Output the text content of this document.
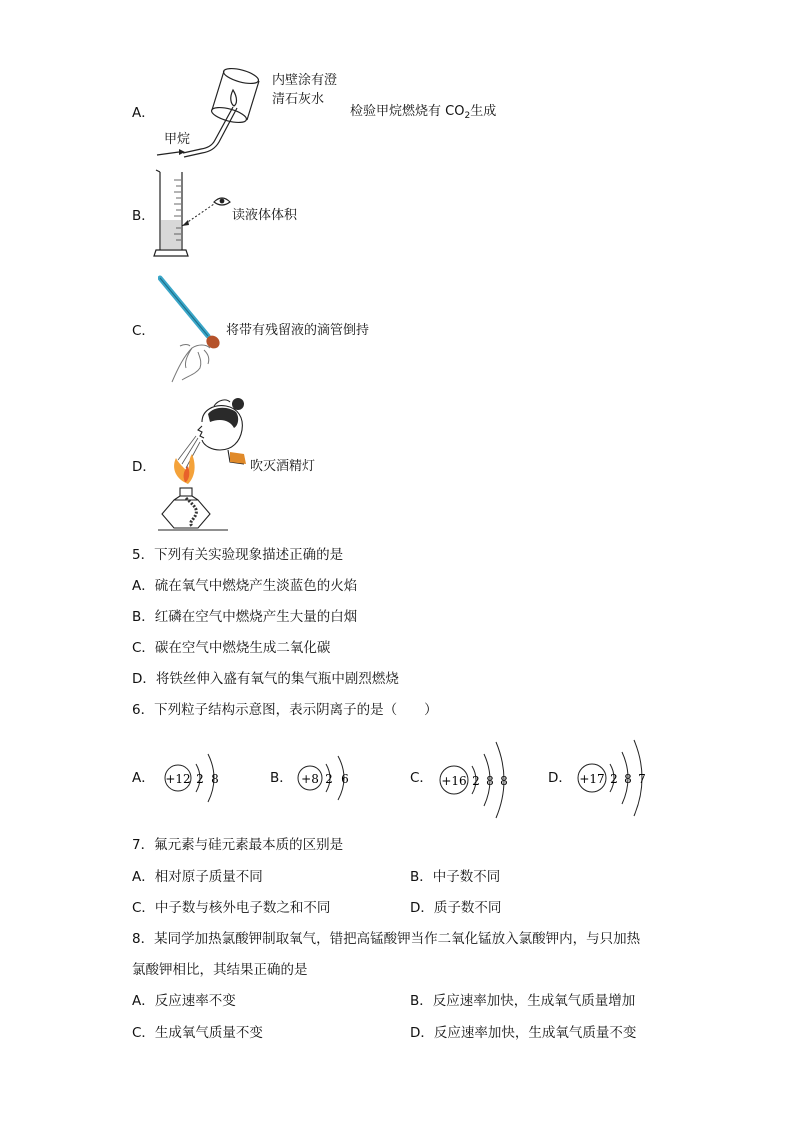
A．
甲烷
内壁涂有澄
清石灰水
检验甲烷燃烧有 $CO_2$生成
B．	读液体体积
C．	将带有残留液的滴管倒持
D．	吹灭酒精灯
5．下列有关实验现象描述正确的是
A．硫在氧气中燃烧产生淡蓝色的火焰
B．红磷在空气中燃烧产生大量的白烟
C．碳在空气中燃烧生成二氧化碳
D．将铁丝伸入盛有氧气的集气瓶中剧烈燃烧
6．下列粒子结构示意图，表示阴离子的是（　　）
A． +12 2 8	B． +8 2 6	C． +16 2 8 8	D． +17 2 8 7
7．氟元素与硅元素最本质的区别是
A．相对原子质量不同	B．中子数不同
C．中子数与核外电子数之和不同	D．质子数不同
8．某同学加热氯酸钾制取氧气，错把高锰酸钾当作二氧化锰放入氯酸钾内，与只加热
氯酸钾相比，其结果正确的是
A．反应速率不变	B．反应速率加快，生成氧气质量增加
C．生成氧气质量不变	D．反应速率加快，生成氧气质量不变
